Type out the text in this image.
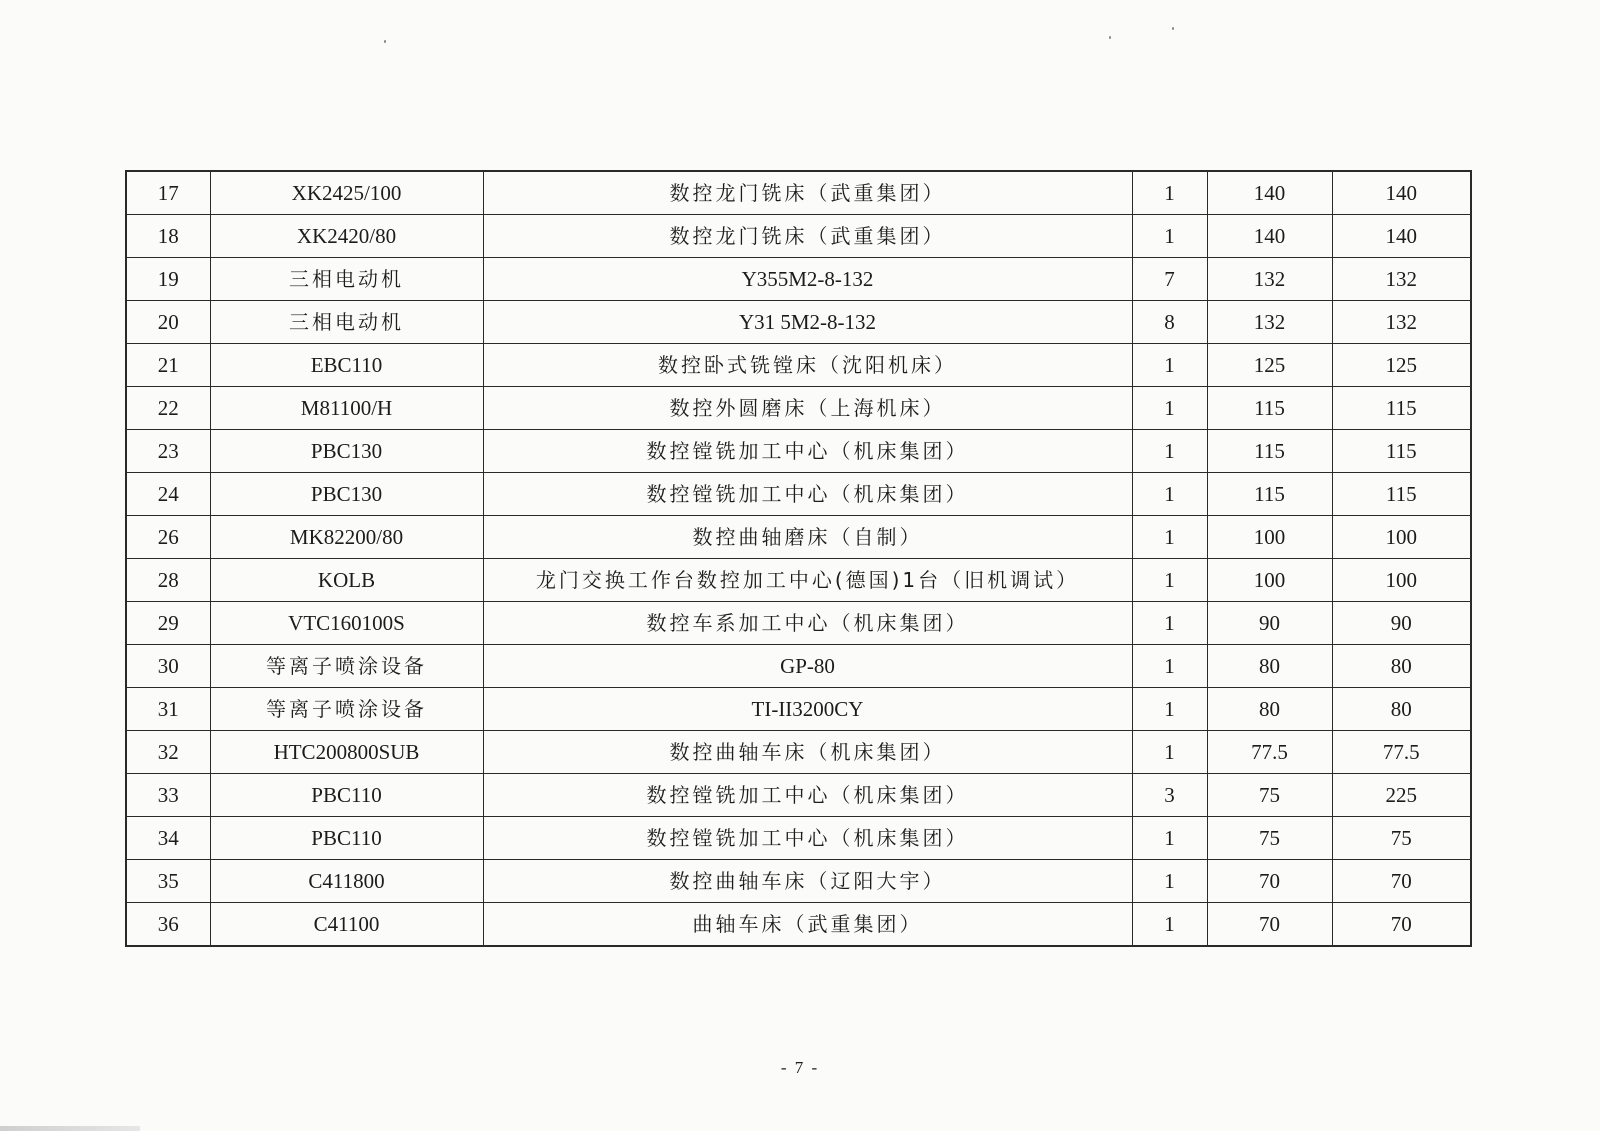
17	XK2425/100	数控龙门铣床（武重集团）	1	140	140
18	XK2420/80	数控龙门铣床（武重集团）	1	140	140
19	三相电动机	Y355M2-8-132	7	132	132
20	三相电动机	Y31 5M2-8-132	8	132	132
21	EBC110	数控卧式铣镗床（沈阳机床）	1	125	125
22	M81100/H	数控外圆磨床（上海机床）	1	115	115
23	PBC130	数控镗铣加工中心（机床集团）	1	115	115
24	PBC130	数控镗铣加工中心（机床集团）	1	115	115
26	MK82200/80	数控曲轴磨床（自制）	1	100	100
28	KOLB	龙门交换工作台数控加工中心(德国)1台（旧机调试）	1	100	100
29	VTC160100S	数控车系加工中心（机床集团）	1	90	90
30	等离子喷涂设备	GP-80	1	80	80
31	等离子喷涂设备	TI-II3200CY	1	80	80
32	HTC200800SUB	数控曲轴车床（机床集团）	1	77.5	77.5
33	PBC110	数控镗铣加工中心（机床集团）	3	75	225
34	PBC110	数控镗铣加工中心（机床集团）	1	75	75
35	C411800	数控曲轴车床（辽阳大宇）	1	70	70
36	C41100	曲轴车床（武重集团）	1	70	70
- 7 -
